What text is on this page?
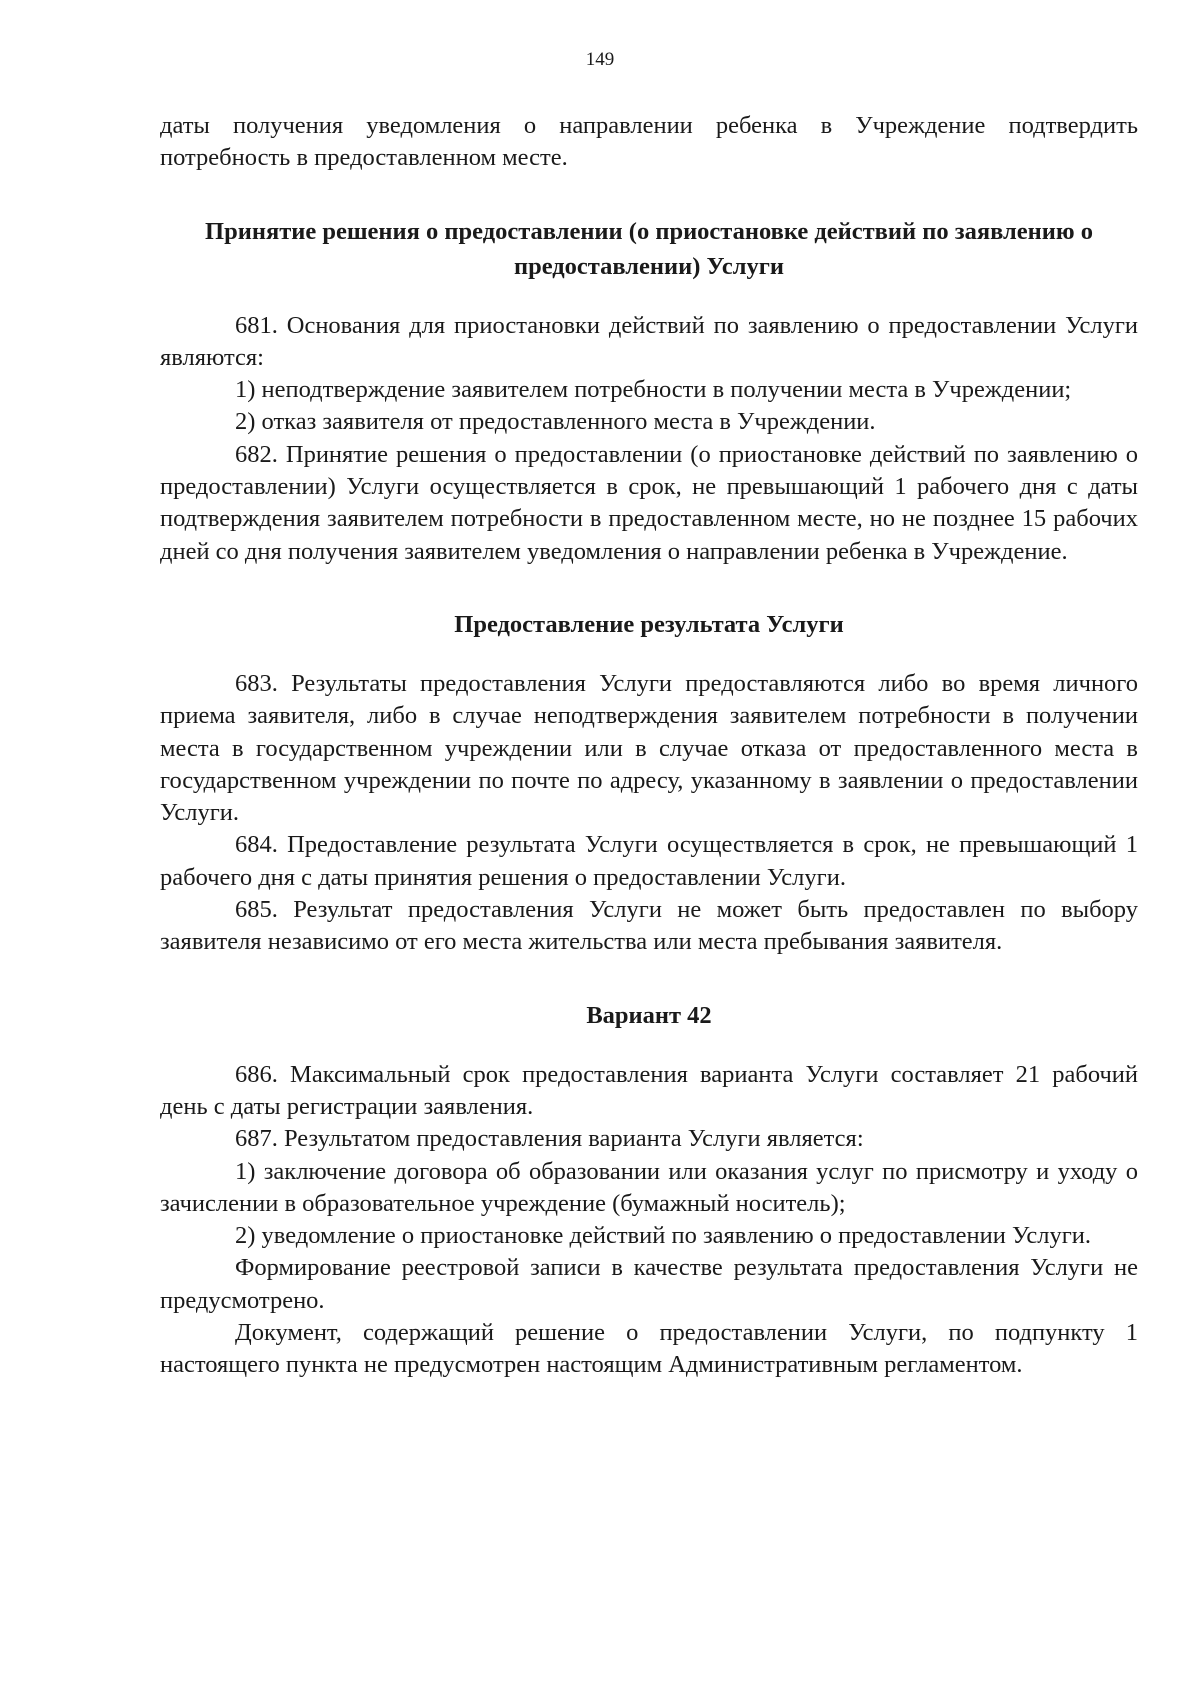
149

даты получения уведомления о направлении ребенка в Учреждение подтвердить потребность в предоставленном месте.

Принятие решения о предоставлении (о приостановке действий по заявлению о предоставлении) Услуги

681. Основания для приостановки действий по заявлению о предоставлении Услуги являются:

1) неподтверждение заявителем потребности в получении места в Учреждении;

2) отказ заявителя от предоставленного места в Учреждении.

682. Принятие решения о предоставлении (о приостановке действий по заявлению о предоставлении) Услуги осуществляется в срок, не превышающий 1 рабочего дня с даты подтверждения заявителем потребности в предоставленном месте, но не позднее 15 рабочих дней со дня получения заявителем уведомления о направлении ребенка в Учреждение.

Предоставление результата Услуги

683. Результаты предоставления Услуги предоставляются либо во время личного приема заявителя, либо в случае неподтверждения заявителем потребности в получении места в государственном учреждении или в случае отказа от предоставленного места в государственном учреждении по почте по адресу, указанному в заявлении о предоставлении Услуги.

684. Предоставление результата Услуги осуществляется в срок, не превышающий 1 рабочего дня с даты принятия решения о предоставлении Услуги.

685. Результат предоставления Услуги не может быть предоставлен по выбору заявителя независимо от его места жительства или места пребывания заявителя.

Вариант 42

686. Максимальный срок предоставления варианта Услуги составляет 21 рабочий день с даты регистрации заявления.

687. Результатом предоставления варианта Услуги является:

1) заключение договора об образовании или оказания услуг по присмотру и уходу о зачислении в образовательное учреждение (бумажный носитель);

2) уведомление о приостановке действий по заявлению о предоставлении Услуги.

Формирование реестровой записи в качестве результата предоставления Услуги не предусмотрено.

Документ, содержащий решение о предоставлении Услуги, по подпункту 1 настоящего пункта не предусмотрен настоящим Административным регламентом.
